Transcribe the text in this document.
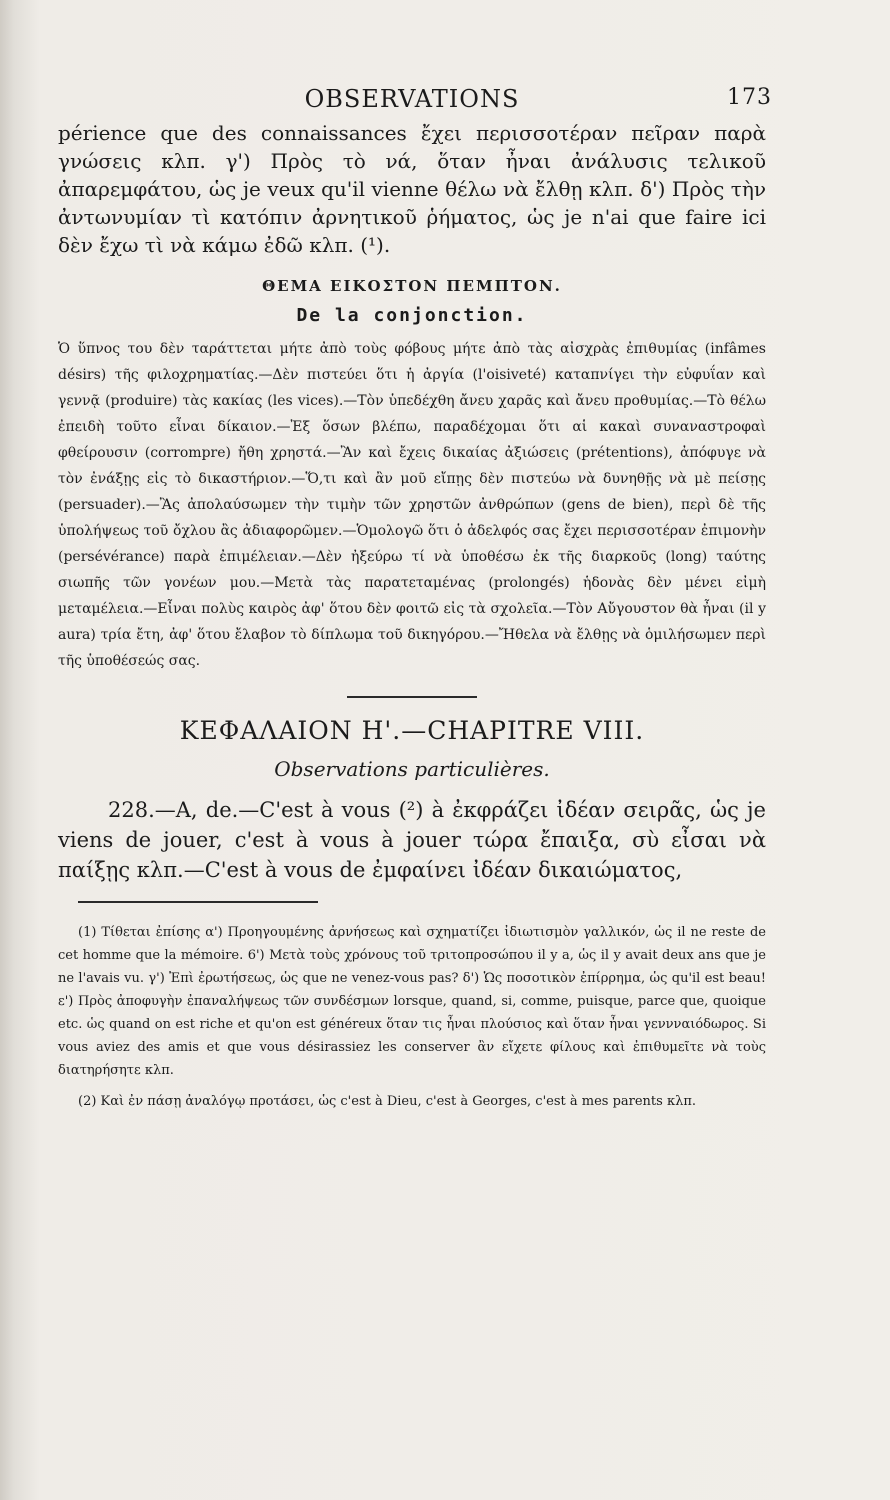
OBSERVATIONS	173

périence que des connaissances ἔχει περισσοτέραν πεῖραν παρὰ γνώσεις κλπ. γ') Πρὸς τὸ νά, ὅταν ἦναι ἀνάλυσις τελικοῦ ἀπαρεμφάτου, ὡς je veux qu'il vienne θέλω νὰ ἔλθῃ κλπ. δ') Πρὸς τὴν ἀντωνυμίαν τὶ κατόπιν ἀρνητικοῦ ῥήματος, ὡς je n'ai que faire ici δὲν ἔχω τὶ νὰ κάμω ἐδῶ κλπ. (¹).

ΘΕΜΑ ΕΙΚΟΣΤΟΝ ΠΕΜΠΤΟΝ.
De la conjonction.

Ὁ ὕπνος του δὲν ταράττεται μήτε ἀπὸ τοὺς φόβους μήτε ἀπὸ τὰς αἰσχρὰς ἐπιθυμίας (infâmes désirs) τῆς φιλοχρηματίας.—Δὲν πιστεύει ὅτι ἡ ἀργία (l'oisiveté) καταπνίγει τὴν εὐφυΐαν καὶ γεννᾷ (produire) τὰς κακίας (les vices).—Τὸν ὑπεδέχθη ἄνευ χαρᾶς καὶ ἄνευ προθυμίας.—Τὸ θέλω ἐπειδὴ τοῦτο εἶναι δίκαιον.—Ἐξ ὅσων βλέπω, παραδέχομαι ὅτι αἱ κακαὶ συναναστροφαὶ φθείρουσιν (corrompre) ἤθη χρηστά.—Ἂν καὶ ἔχεις δικαίας ἀξιώσεις (prétentions), ἀπόφυγε νὰ τὸν ἐνάξῃς εἰς τὸ δικαστήριον.—Ὅ,τι καὶ ἂν μοῦ εἴπῃς δὲν πιστεύω νὰ δυνηθῇς νὰ μὲ πείσῃς (persuader).—Ἂς ἀπολαύσωμεν τὴν τιμὴν τῶν χρηστῶν ἀνθρώπων (gens de bien), περὶ δὲ τῆς ὑπολήψεως τοῦ ὄχλου ἂς ἀδιαφορῶμεν.—Ὁμολογῶ ὅτι ὁ ἀδελφός σας ἔχει περισσοτέραν ἐπιμονὴν (persévérance) παρὰ ἐπιμέλειαν.—Δὲν ἠξεύρω τί νὰ ὑποθέσω ἐκ τῆς διαρκοῦς (long) ταύτης σιωπῆς τῶν γονέων μου.—Μετὰ τὰς παρατεταμένας (prolongés) ἡδονὰς δὲν μένει εἰμὴ μεταμέλεια.—Εἶναι πολὺς καιρὸς ἀφ' ὅτου δὲν φοιτῶ εἰς τὰ σχολεῖα.—Τὸν Αὔγουστον θὰ ἦναι (il y aura) τρία ἔτη, ἀφ' ὅτου ἔλαβον τὸ δίπλωμα τοῦ δικηγόρου.—Ἤθελα νὰ ἔλθῃς νὰ ὁμιλήσωμεν περὶ τῆς ὑποθέσεώς σας.

ΚΕΦΑΛΑΙΟΝ Η'.—CHAPITRE VIII.
Observations particulières.

228.—A, de.—C'est à vous (²) à ἐκφράζει ἰδέαν σειρᾶς, ὡς je viens de jouer, c'est à vous à jouer τώρα ἔπαιξα, σὺ εἶσαι νὰ παίξῃς κλπ.—C'est à vous de ἐμφαίνει ἰδέαν δικαιώματος,

(1) Τίθεται ἐπίσης α') Προηγουμένης ἀρνήσεως καὶ σχηματίζει ἰδιωτισμὸν γαλλικόν, ὡς il ne reste de cet homme que la mémoire. 6') Μετὰ τοὺς χρόνους τοῦ τριτοπροσώπου il y a, ὡς il y avait deux ans que je ne l'avais vu. γ') Ἐπὶ ἐρωτήσεως, ὡς que ne venez-vous pas? δ') Ὡς ποσοτικὸν ἐπίρρημα, ὡς qu'il est beau! ε') Πρὸς ἀποφυγὴν ἐπαναλήψεως τῶν συνδέσμων lorsque, quand, si, comme, puisque, parce que, quoique etc. ὡς quand on est riche et qu'on est généreux ὅταν τις ἦναι πλούσιος καὶ ὅταν ἦναι γεννναιόδωρος. Si vous aviez des amis et que vous désirassiez les conserver ἂν εἴχετε φίλους καὶ ἐπιθυμεῖτε νὰ τοὺς διατηρήσητε κλπ.

(2) Καὶ ἐν πάσῃ ἀναλόγῳ προτάσει, ὡς c'est à Dieu, c'est à Georges, c'est à mes parents κλπ.
